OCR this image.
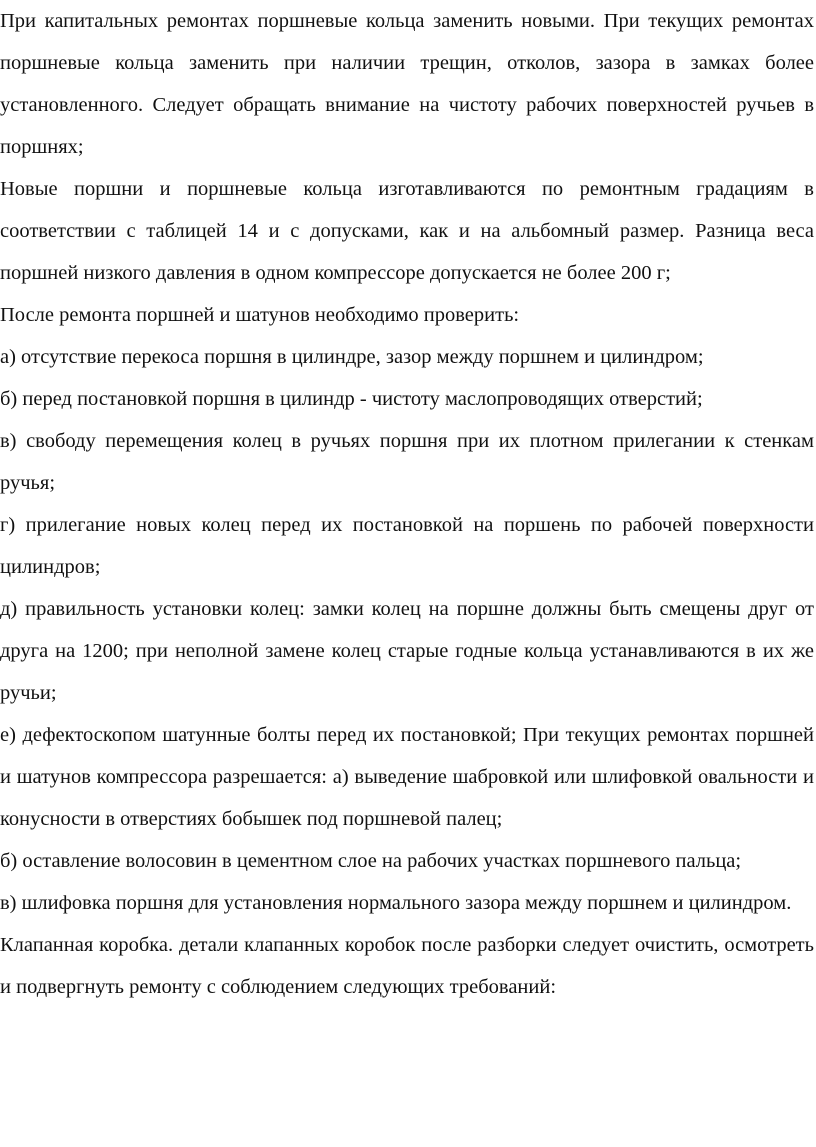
При капитальных ремонтах поршневые кольца заменить новыми. При текущих ремонтах поршневые кольца заменить при наличии трещин, отколов, зазора в замках более установленного. Следует обращать внимание на чистоту рабочих поверхностей ручьев в поршнях;

Новые поршни и поршневые кольца изготавливаются по ремонтным градациям в соответствии с таблицей 14 и с допусками, как и на альбомный размер. Разница веса поршней низкого давления в одном компрессоре допускается не более 200 г;

После ремонта поршней и шатунов необходимо проверить:

а) отсутствие перекоса поршня в цилиндре, зазор между поршнем и цилиндром;

б) перед постановкой поршня в цилиндр - чистоту маслопроводящих отверстий;

в) свободу перемещения колец в ручьях поршня при их плотном прилегании к стенкам ручья;

г) прилегание новых колец перед их постановкой на поршень по рабочей поверхности цилиндров;

д) правильность установки колец: замки колец на поршне должны быть смещены друг от друга на 1200; при неполной замене колец старые годные кольца устанавливаются в их же ручьи;

е) дефектоскопом шатунные болты перед их постановкой; При текущих ремонтах поршней и шатунов компрессора разрешается: а) выведение шабровкой или шлифовкой овальности и конусности в отверстиях бобышек под поршневой палец;

б) оставление волосовин в цементном слое на рабочих участках поршневого пальца;

в) шлифовка поршня для установления нормального зазора между поршнем и цилиндром.

Клапанная коробка. детали клапанных коробок после разборки следует очистить, осмотреть и подвергнуть ремонту с соблюдением следующих требований:
